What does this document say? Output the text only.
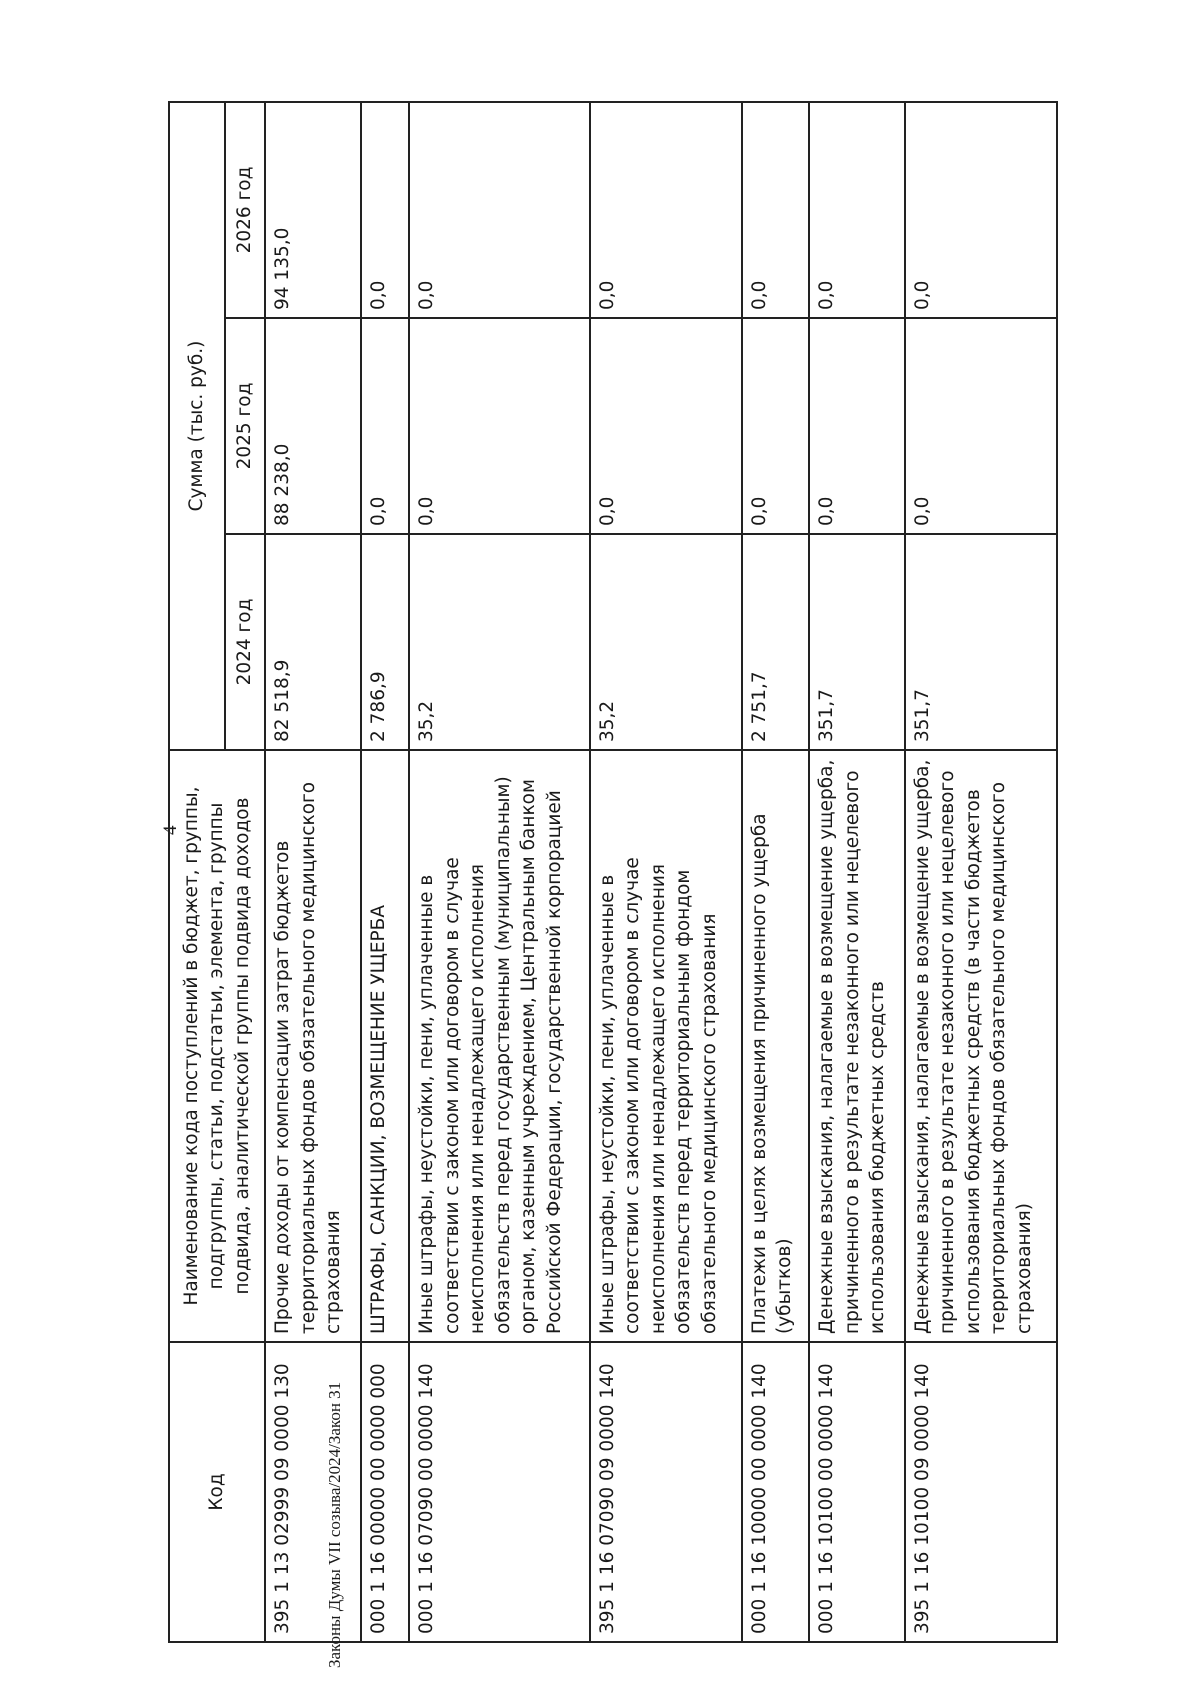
4
Код	Наименование кода поступлений в бюджет, группы, подгруппы, статьи, подстатьи, элемента, группы подвида, аналитической группы подвида доходов	Сумма (тыс. руб.)		
		2024 год	2025 год	2026 год
395 1 13 02999 09 0000 130	Прочие доходы от компенсации затрат бюджетов территориальных фондов обязательного медицинского страхования	82 518,9	88 238,0	94 135,0
000 1 16 00000 00 0000 000	ШТРАФЫ, САНКЦИИ, ВОЗМЕЩЕНИЕ УЩЕРБА	2 786,9	0,0	0,0
000 1 16 07090 00 0000 140	Иные штрафы, неустойки, пени, уплаченные в соответствии с законом или договором в случае неисполнения или ненадлежащего исполнения обязательств перед государственным (муниципальным) органом, казенным учреждением, Центральным банком Российской Федерации, государственной корпорацией	35,2	0,0	0,0
395 1 16 07090 09 0000 140	Иные штрафы, неустойки, пени, уплаченные в соответствии с законом или договором в случае неисполнения или ненадлежащего исполнения обязательств перед территориальным фондом обязательного медицинского страхования	35,2	0,0	0,0
000 1 16 10000 00 0000 140	Платежи в целях возмещения причиненного ущерба (убытков)	2 751,7	0,0	0,0
000 1 16 10100 00 0000 140	Денежные взыскания, налагаемые в возмещение ущерба, причиненного в результате незаконного или нецелевого использования бюджетных средств	351,7	0,0	0,0
395 1 16 10100 09 0000 140	Денежные взыскания, налагаемые в возмещение ущерба, причиненного в результате незаконного или нецелевого использования бюджетных средств (в части бюджетов территориальных фондов обязательного медицинского страхования)	351,7	0,0	0,0
Законы Думы VII созыва/2024/Закон 31
